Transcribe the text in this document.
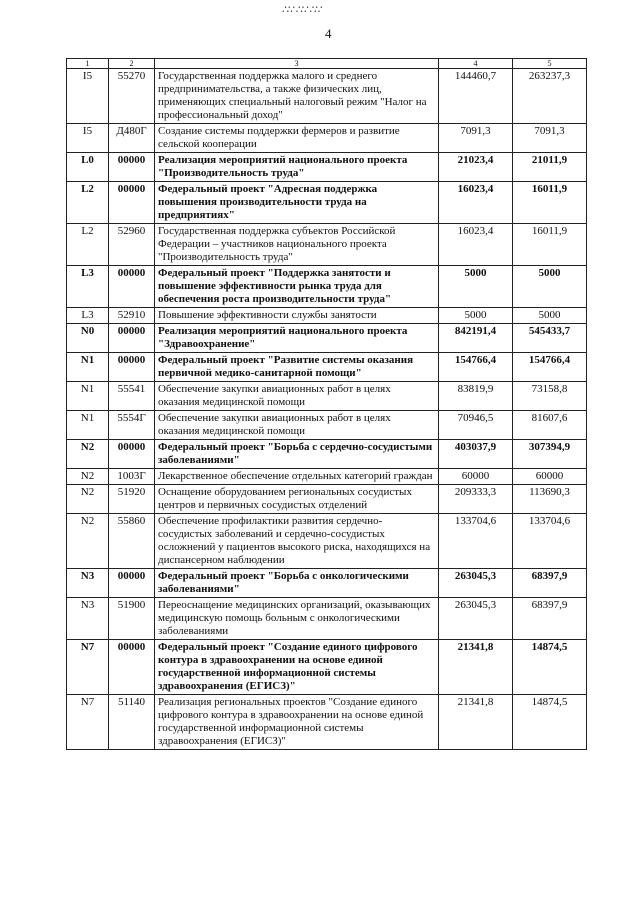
∴∵ ∴∵ ∴∵
4
1	2	3	4	5
I5	55270	Государственная поддержка малого и среднего предпринимательства, а также физических лиц, применяющих специальный налоговый режим "Налог на профессиональный доход"	144460,7	263237,3
I5	Д480Г	Создание системы поддержки фермеров и развитие сельской кооперации	7091,3	7091,3
L0	00000	Реализация мероприятий национального проекта "Производительность труда"	21023,4	21011,9
L2	00000	Федеральный проект "Адресная поддержка повышения производительности труда на предприятиях"	16023,4	16011,9
L2	52960	Государственная поддержка субъектов Российской Федерации – участников национального проекта "Производительность труда"	16023,4	16011,9
L3	00000	Федеральный проект "Поддержка занятости и повышение эффективности рынка труда для обеспечения роста производительности труда"	5000	5000
L3	52910	Повышение эффективности службы занятости	5000	5000
N0	00000	Реализация мероприятий национального проекта "Здравоохранение"	842191,4	545433,7
N1	00000	Федеральный проект "Развитие системы оказания первичной медико-санитарной помощи"	154766,4	154766,4
N1	55541	Обеспечение закупки авиационных работ в целях оказания медицинской помощи	83819,9	73158,8
N1	5554Г	Обеспечение закупки авиационных работ в целях оказания медицинской помощи	70946,5	81607,6
N2	00000	Федеральный проект "Борьба с сердечно-сосудистыми заболеваниями"	403037,9	307394,9
N2	1003Г	Лекарственное обеспечение отдельных категорий граждан	60000	60000
N2	51920	Оснащение оборудованием региональных сосудистых центров и первичных сосудистых отделений	209333,3	113690,3
N2	55860	Обеспечение профилактики развития сердечно-сосудистых заболеваний и сердечно-сосудистых осложнений у пациентов высокого риска, находящихся на диспансерном наблюдении	133704,6	133704,6
N3	00000	Федеральный проект "Борьба с онкологическими заболеваниями"	263045,3	68397,9
N3	51900	Переоснащение медицинских организаций, оказывающих медицинскую помощь больным с онкологическими заболеваниями	263045,3	68397,9
N7	00000	Федеральный проект "Создание единого цифрового контура в здравоохранении на основе единой государственной информационной системы здравоохранения (ЕГИСЗ)"	21341,8	14874,5
N7	51140	Реализация региональных проектов "Создание единого цифрового контура в здравоохранении на основе единой государственной информационной системы здравоохранения (ЕГИСЗ)"	21341,8	14874,5
